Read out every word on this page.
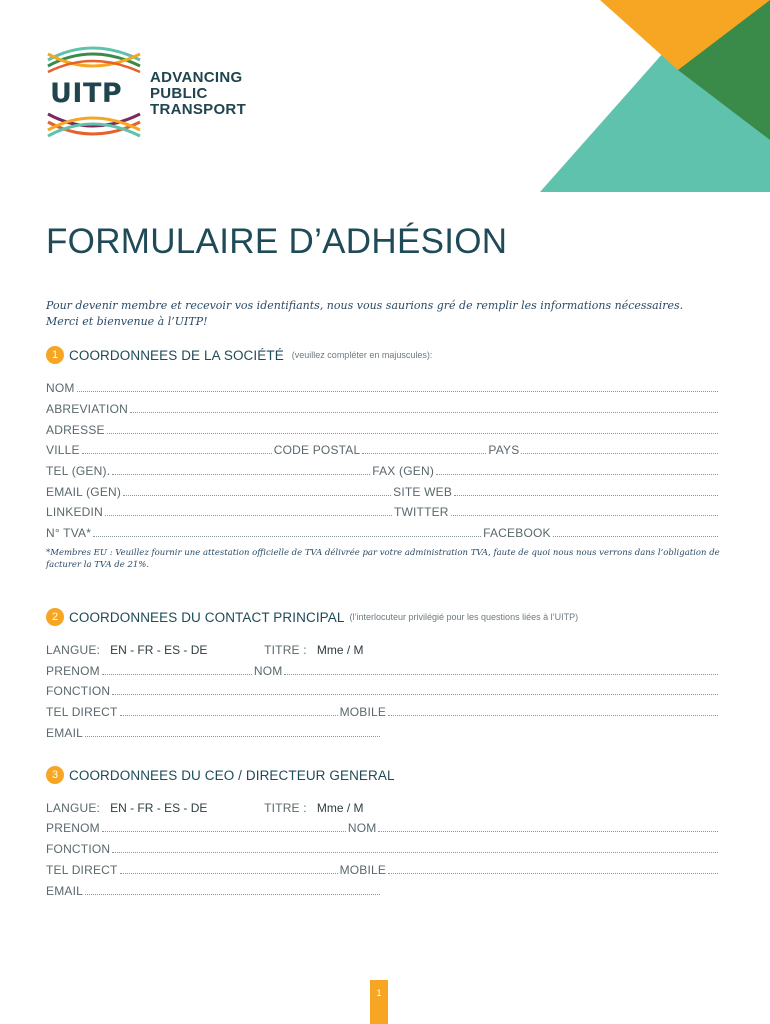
UITP
ADVANCING
PUBLIC
TRANSPORT
FORMULAIRE D’ADHÉSION
Pour devenir membre et recevoir vos identifiants, nous vous saurions gré de remplir les informations nécessaires.
Merci et bienvenue à l’UITP!
1 COORDONNEES DE LA SOCIÉTÉ (veuillez compléter en majuscules):
NOM
ABREVIATION
ADRESSE
VILLE	CODE POSTAL	PAYS
TEL (GEN).	FAX (GEN)
EMAIL (GEN)	SITE WEB
LINKEDIN	TWITTER
N° TVA*	FACEBOOK
*Membres EU : Veuillez fournir une attestation officielle de TVA délivrée par votre administration TVA, faute de quoi nous nous verrons dans l’obligation de facturer la TVA de 21%.
2 COORDONNEES DU CONTACT PRINCIPAL (l’interlocuteur privilégié pour les questions liées à l’UITP)
LANGUE: EN - FR - ES - DE	TITRE : Mme / M
PRENOM	NOM
FONCTION
TEL DIRECT	MOBILE
EMAIL
3 COORDONNEES DU CEO / DIRECTEUR GENERAL
LANGUE: EN - FR - ES - DE	TITRE : Mme / M
PRENOM	NOM
FONCTION
TEL DIRECT	MOBILE
EMAIL
1
